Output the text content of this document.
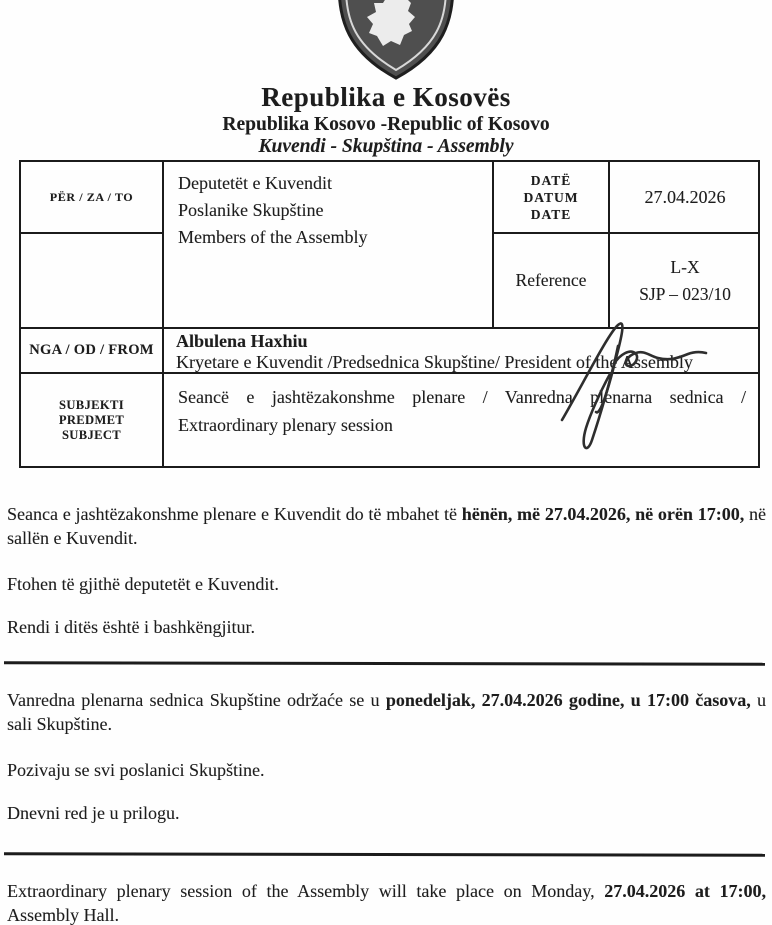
Republika e Kosovës
Republika Kosovo -Republic of Kosovo
Kuvendi - Skupština - Assembly
PËR / ZA / TO
Deputetët e Kuvendit
Poslanike Skupštine
Members of the Assembly
DATË
DATUM
DATE
27.04.2026
Reference
L-X
SJP – 023/10
NGA / OD / FROM	Albulena Haxhiu
Kryetare e Kuvendit /Predsednica Skupštine/ President of the Assembly
SUBJEKTI
PREDMET
SUBJECT
Seancë e jashtëzakonshme plenare / Vanredna plenarna sednica / Extraordinary plenary session

Seanca e jashtëzakonshme plenare e Kuvendit do të mbahet të hënën, më 27.04.2026, në orën 17:00, në sallën e Kuvendit.

Ftohen të gjithë deputetët e Kuvendit.

Rendi i ditës është i bashkëngjitur.

Vanredna plenarna sednica Skupštine održaće se u ponedeljak, 27.04.2026 godine, u 17:00 časova, u sali Skupštine.

Pozivaju se svi poslanici Skupštine.

Dnevni red je u prilogu.

Extraordinary plenary session of the Assembly will take place on Monday, 27.04.2026 at 17:00, Assembly Hall.
